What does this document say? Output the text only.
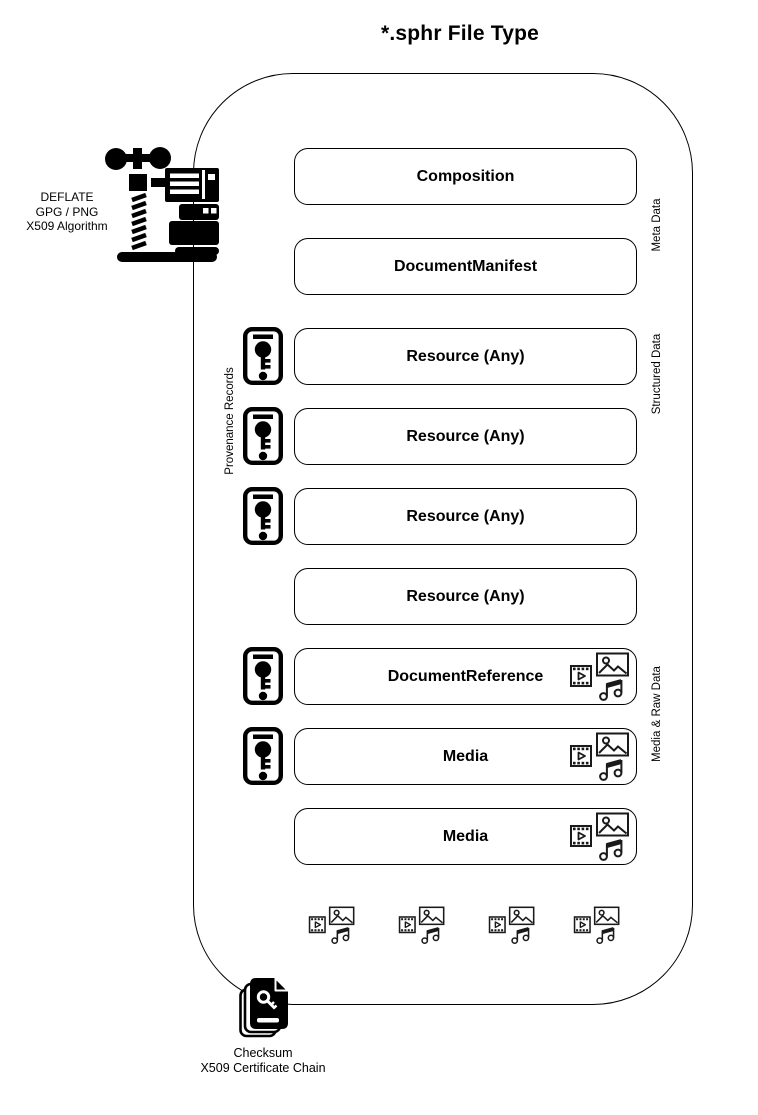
*.sphr File Type
DEFLATE
GPG / PNG
X509 Algorithm
Composition
DocumentManifest
Resource (Any)
Resource (Any)
Resource (Any)
Resource (Any)
DocumentReference
Media
Media
Meta Data
Structured Data
Media & Raw Data
Provenance Records
Checksum
X509 Certificate Chain
